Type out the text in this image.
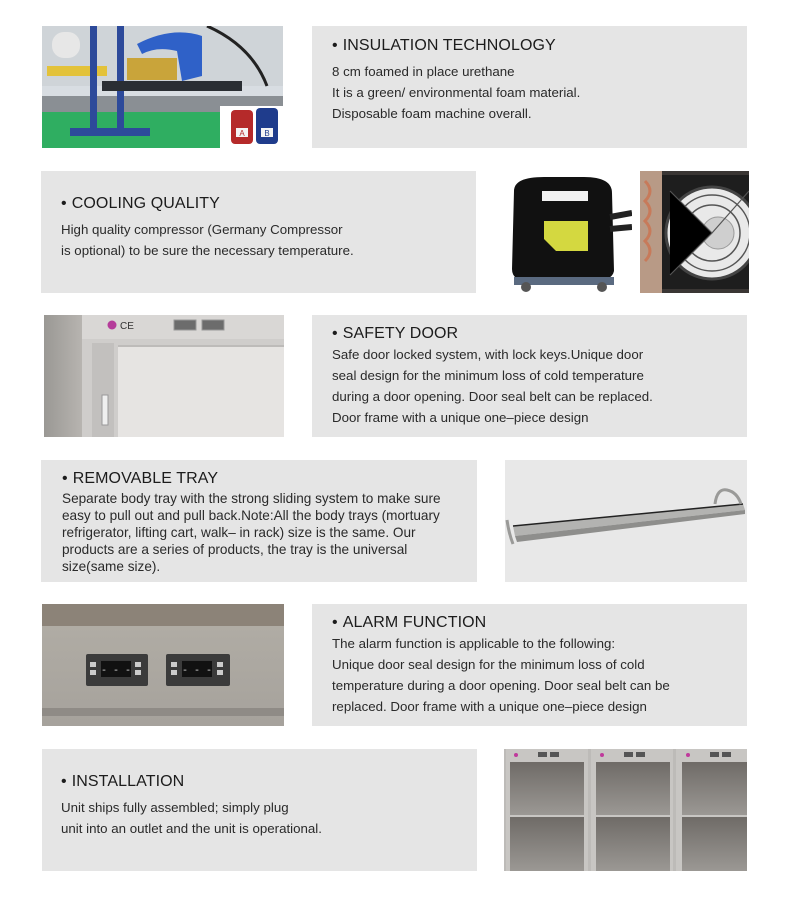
A B
• INSULATION TECHNOLOGY
8 cm foamed in place urethane
It is a green/ environmental foam material.
Disposable foam machine overall.
• COOLING QUALITY
High quality compressor (Germany Compressor
is optional) to be sure the necessary temperature.
CE	• SAFETY DOOR
Safe door locked system, with lock keys.Unique door
seal design for the minimum loss of cold temperature
during a door opening. Door seal belt can be replaced.
Door frame with a unique one–piece design
• REMOVABLE TRAY
Separate body tray with the strong sliding system to make sure
easy to pull out and pull back.Note:All the body trays (mortuary
refrigerator, lifting cart, walk– in rack) size is the same. Our
products are a series of products, the tray is the universal
size(same size).
- - -	- - -
• ALARM FUNCTION
The alarm function is applicable to the following:
Unique door seal design for the minimum loss of cold
temperature during a door opening. Door seal belt can be
replaced. Door frame with a unique one–piece design
• INSTALLATION
Unit ships fully assembled; simply plug
unit into an outlet and the unit is operational.
